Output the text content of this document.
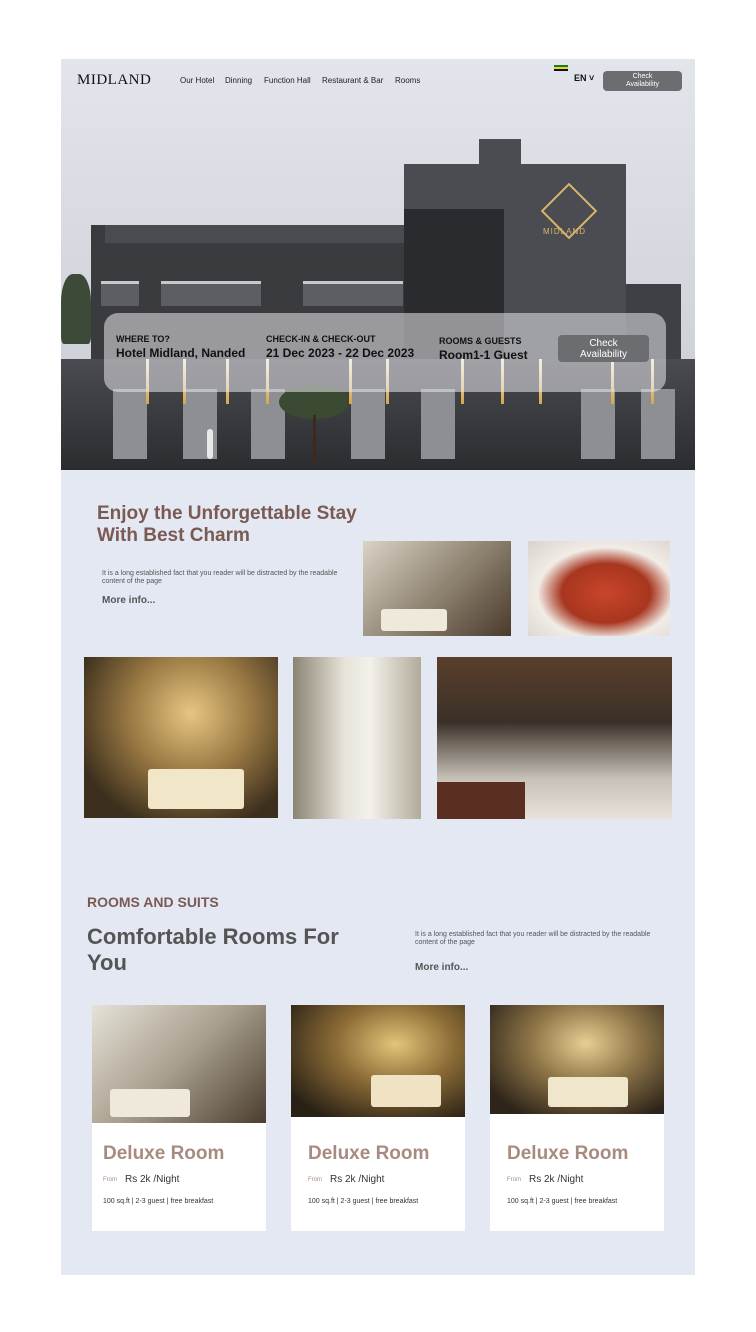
MIDLAND
MIDLAND	Our Hotel Dinning Function Hall Restaurant & Bar Rooms	EN ˅	Check
Availability
WHERE TO?
Hotel Midland, Nanded
CHECK-IN & CHECK-OUT
21 Dec 2023 - 22 Dec 2023
ROOMS & GUESTS
Room1-1 Guest
Check
Availability
Enjoy the Unforgettable Stay With Best Charm
It is a long established fact that you reader will be distracted by the readable content of the page
More info...
ROOMS AND SUITS
Comfortable Rooms For You
It is a long established fact that you reader will be distracted by the readable content of the page
More info...
Deluxe Room
From Rs 2k /Night
100 sq.ft | 2-3 guest | free breakfast
Deluxe Room
From Rs 2k /Night
100 sq.ft | 2-3 guest | free breakfast
Deluxe Room
From Rs 2k /Night
100 sq.ft | 2-3 guest | free breakfast
